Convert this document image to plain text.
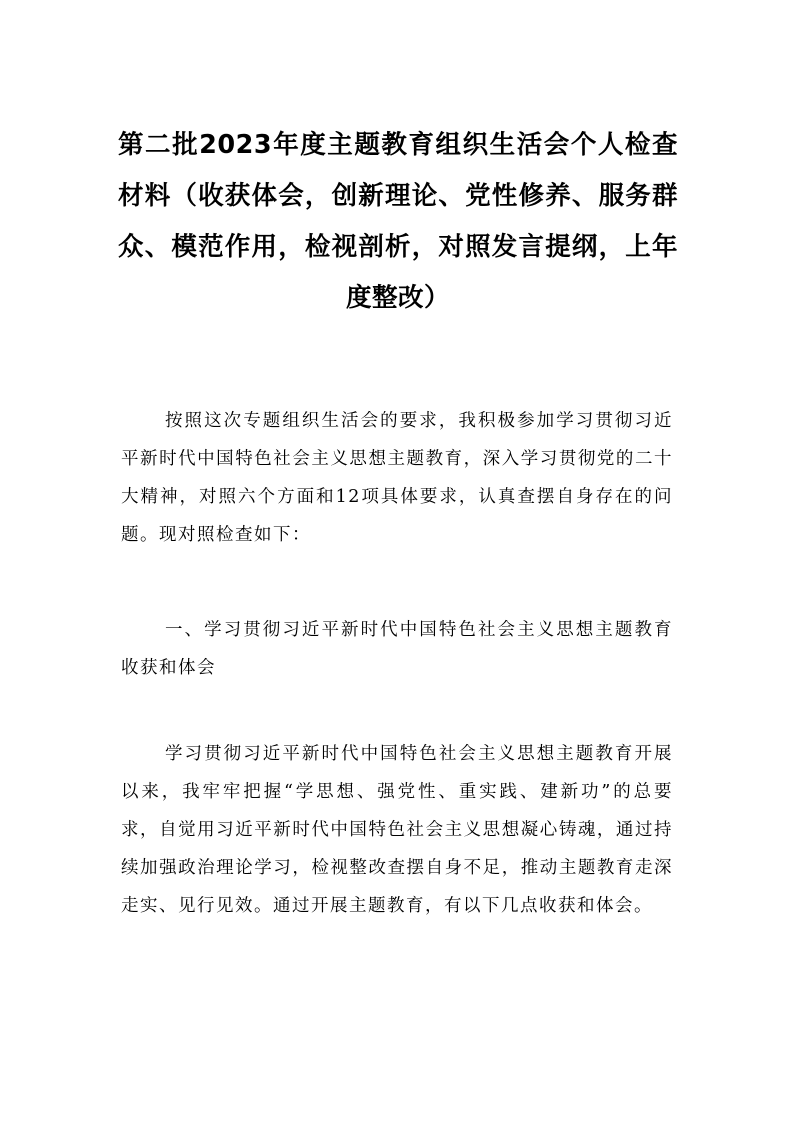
第二批2023年度主题教育组织生活会个人检查材料（收获体会，创新理论、党性修养、服务群众、模范作用，检视剖析，对照发言提纲，上年度整改）

按照这次专题组织生活会的要求，我积极参加学习贯彻习近平新时代中国特色社会主义思想主题教育，深入学习贯彻党的二十大精神，对照六个方面和12项具体要求，认真查摆自身存在的问题。现对照检查如下：

一、学习贯彻习近平新时代中国特色社会主义思想主题教育收获和体会

学习贯彻习近平新时代中国特色社会主义思想主题教育开展以来，我牢牢把握“学思想、强党性、重实践、建新功”的总要求，自觉用习近平新时代中国特色社会主义思想凝心铸魂，通过持续加强政治理论学习，检视整改查摆自身不足，推动主题教育走深走实、见行见效。通过开展主题教育，有以下几点收获和体会。
